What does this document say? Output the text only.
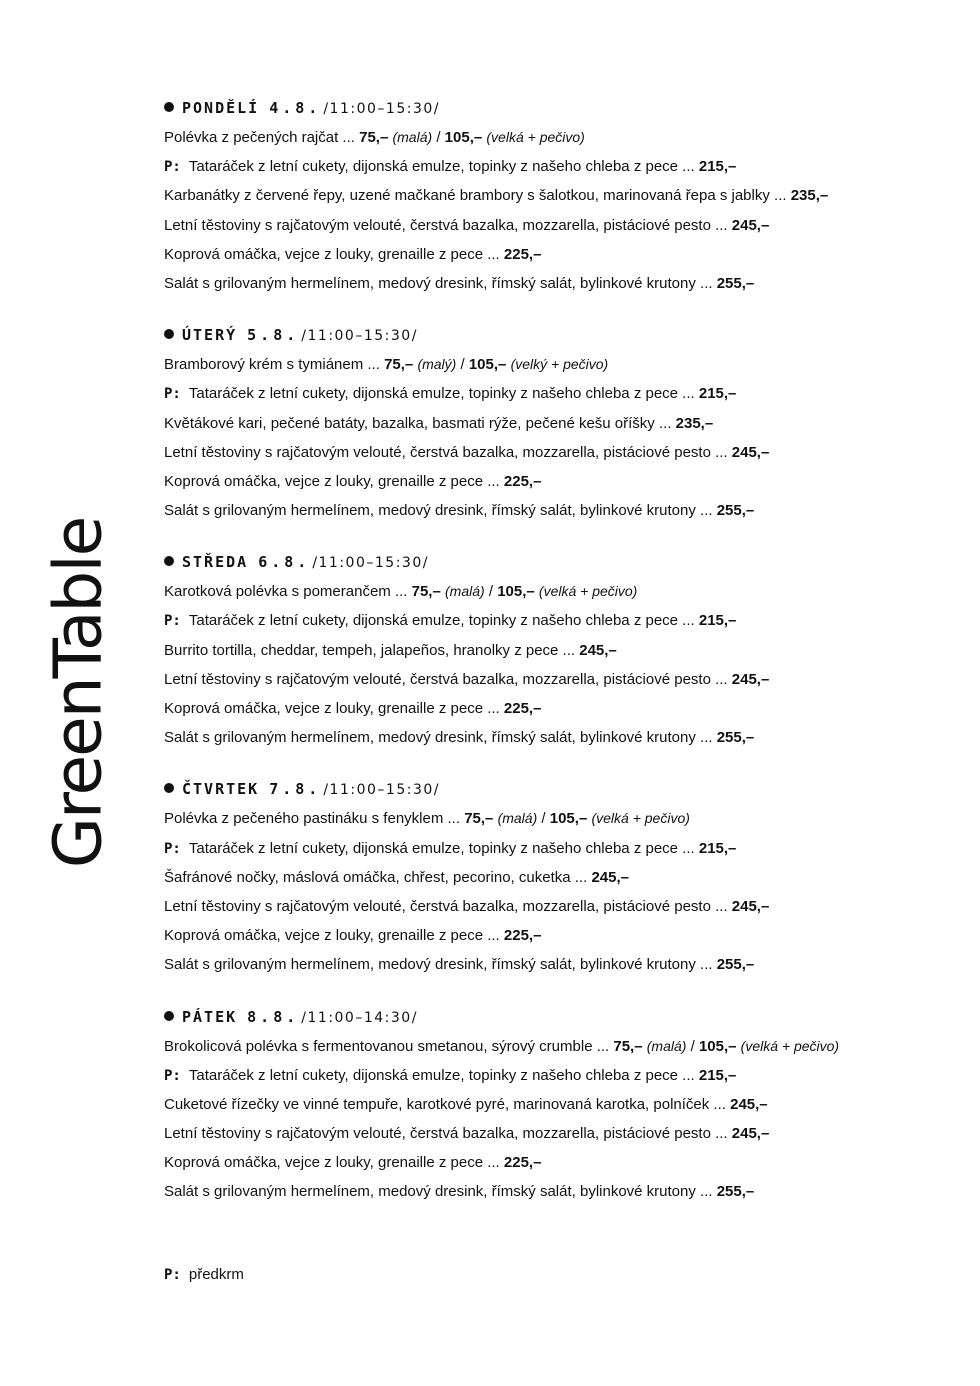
GreenTable
PONDĚLÍ 4.8. /11:00–15:30/
Polévka z pečených rajčat ... 75,– (malá) / 105,– (velká + pečivo)
P: Tataráček z letní cukety, dijonská emulze, topinky z našeho chleba z pece ... 215,–
Karbanátky z červené řepy, uzené mačkané brambory s šalotkou, marinovaná řepa s jablky ... 235,–
Letní těstoviny s rajčatovým velouté, čerstvá bazalka, mozzarella, pistáciové pesto ... 245,–
Koprová omáčka, vejce z louky, grenaille z pece ... 225,–
Salát s grilovaným hermelínem, medový dresink, římský salát, bylinkové krutony ... 255,–
ÚTERÝ 5.8. /11:00–15:30/
Bramborový krém s tymiánem ... 75,– (malý) / 105,– (velký + pečivo)
P: Tataráček z letní cukety, dijonská emulze, topinky z našeho chleba z pece ... 215,–
Květákové kari, pečené batáty, bazalka, basmati rýže, pečené kešu oříšky ... 235,–
Letní těstoviny s rajčatovým velouté, čerstvá bazalka, mozzarella, pistáciové pesto ... 245,–
Koprová omáčka, vejce z louky, grenaille z pece ... 225,–
Salát s grilovaným hermelínem, medový dresink, římský salát, bylinkové krutony ... 255,–
STŘEDA 6.8. /11:00–15:30/
Karotková polévka s pomerančem ... 75,– (malá) / 105,– (velká + pečivo)
P: Tataráček z letní cukety, dijonská emulze, topinky z našeho chleba z pece ... 215,–
Burrito tortilla, cheddar, tempeh, jalapeños, hranolky z pece ... 245,–
Letní těstoviny s rajčatovým velouté, čerstvá bazalka, mozzarella, pistáciové pesto ... 245,–
Koprová omáčka, vejce z louky, grenaille z pece ... 225,–
Salát s grilovaným hermelínem, medový dresink, římský salát, bylinkové krutony ... 255,–
ČTVRTEK 7.8. /11:00–15:30/
Polévka z pečeného pastináku s fenyklem ... 75,– (malá) / 105,– (velká + pečivo)
P: Tataráček z letní cukety, dijonská emulze, topinky z našeho chleba z pece ... 215,–
Šafránové nočky, máslová omáčka, chřest, pecorino, cuketka ... 245,–
Letní těstoviny s rajčatovým velouté, čerstvá bazalka, mozzarella, pistáciové pesto ... 245,–
Koprová omáčka, vejce z louky, grenaille z pece ... 225,–
Salát s grilovaným hermelínem, medový dresink, římský salát, bylinkové krutony ... 255,–
PÁTEK 8.8. /11:00–14:30/
Brokolicová polévka s fermentovanou smetanou, sýrový crumble ... 75,– (malá) / 105,– (velká + pečivo)
P: Tataráček z letní cukety, dijonská emulze, topinky z našeho chleba z pece ... 215,–
Cuketové řízečky ve vinné tempuře, karotkové pyré, marinovaná karotka, polníček ... 245,–
Letní těstoviny s rajčatovým velouté, čerstvá bazalka, mozzarella, pistáciové pesto ... 245,–
Koprová omáčka, vejce z louky, grenaille z pece ... 225,–
Salát s grilovaným hermelínem, medový dresink, římský salát, bylinkové krutony ... 255,–
P: předkrm
